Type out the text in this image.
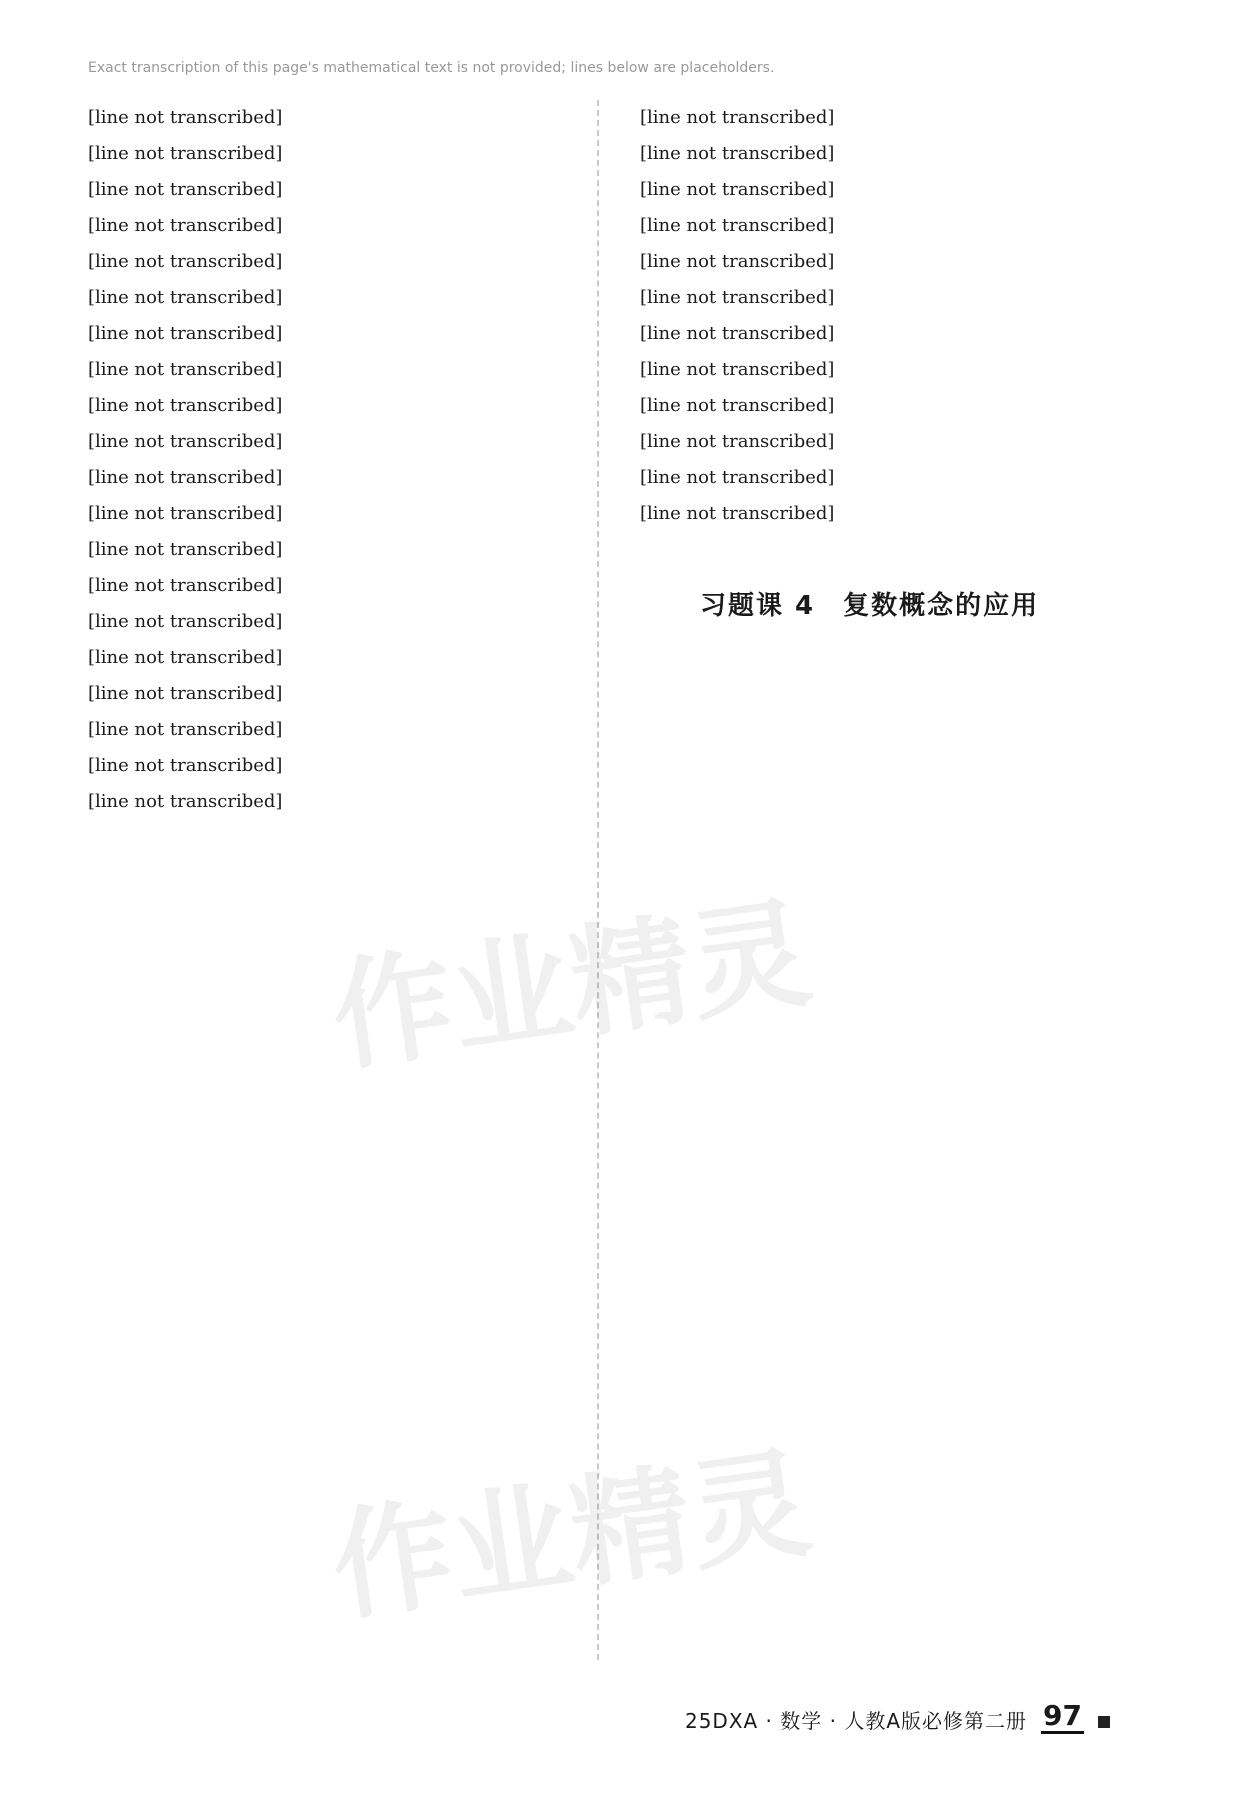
Exact transcription of this page's mathematical text is not provided; lines below are placeholders.
[line not transcribed]
[line not transcribed]
[line not transcribed]
[line not transcribed]
[line not transcribed]
[line not transcribed]
[line not transcribed]
[line not transcribed]
[line not transcribed]
[line not transcribed]
[line not transcribed]
[line not transcribed]
[line not transcribed]
[line not transcribed]
[line not transcribed]
[line not transcribed]
[line not transcribed]
[line not transcribed]
[line not transcribed]
[line not transcribed]
[line not transcribed]
[line not transcribed]
[line not transcribed]
[line not transcribed]
[line not transcribed]
[line not transcribed]
[line not transcribed]
[line not transcribed]
[line not transcribed]
[line not transcribed]
[line not transcribed]
[line not transcribed]
习题课 4　复数概念的应用
作业精灵
作业精灵
25DXA · 数学 · 人教A版必修第二册 97
